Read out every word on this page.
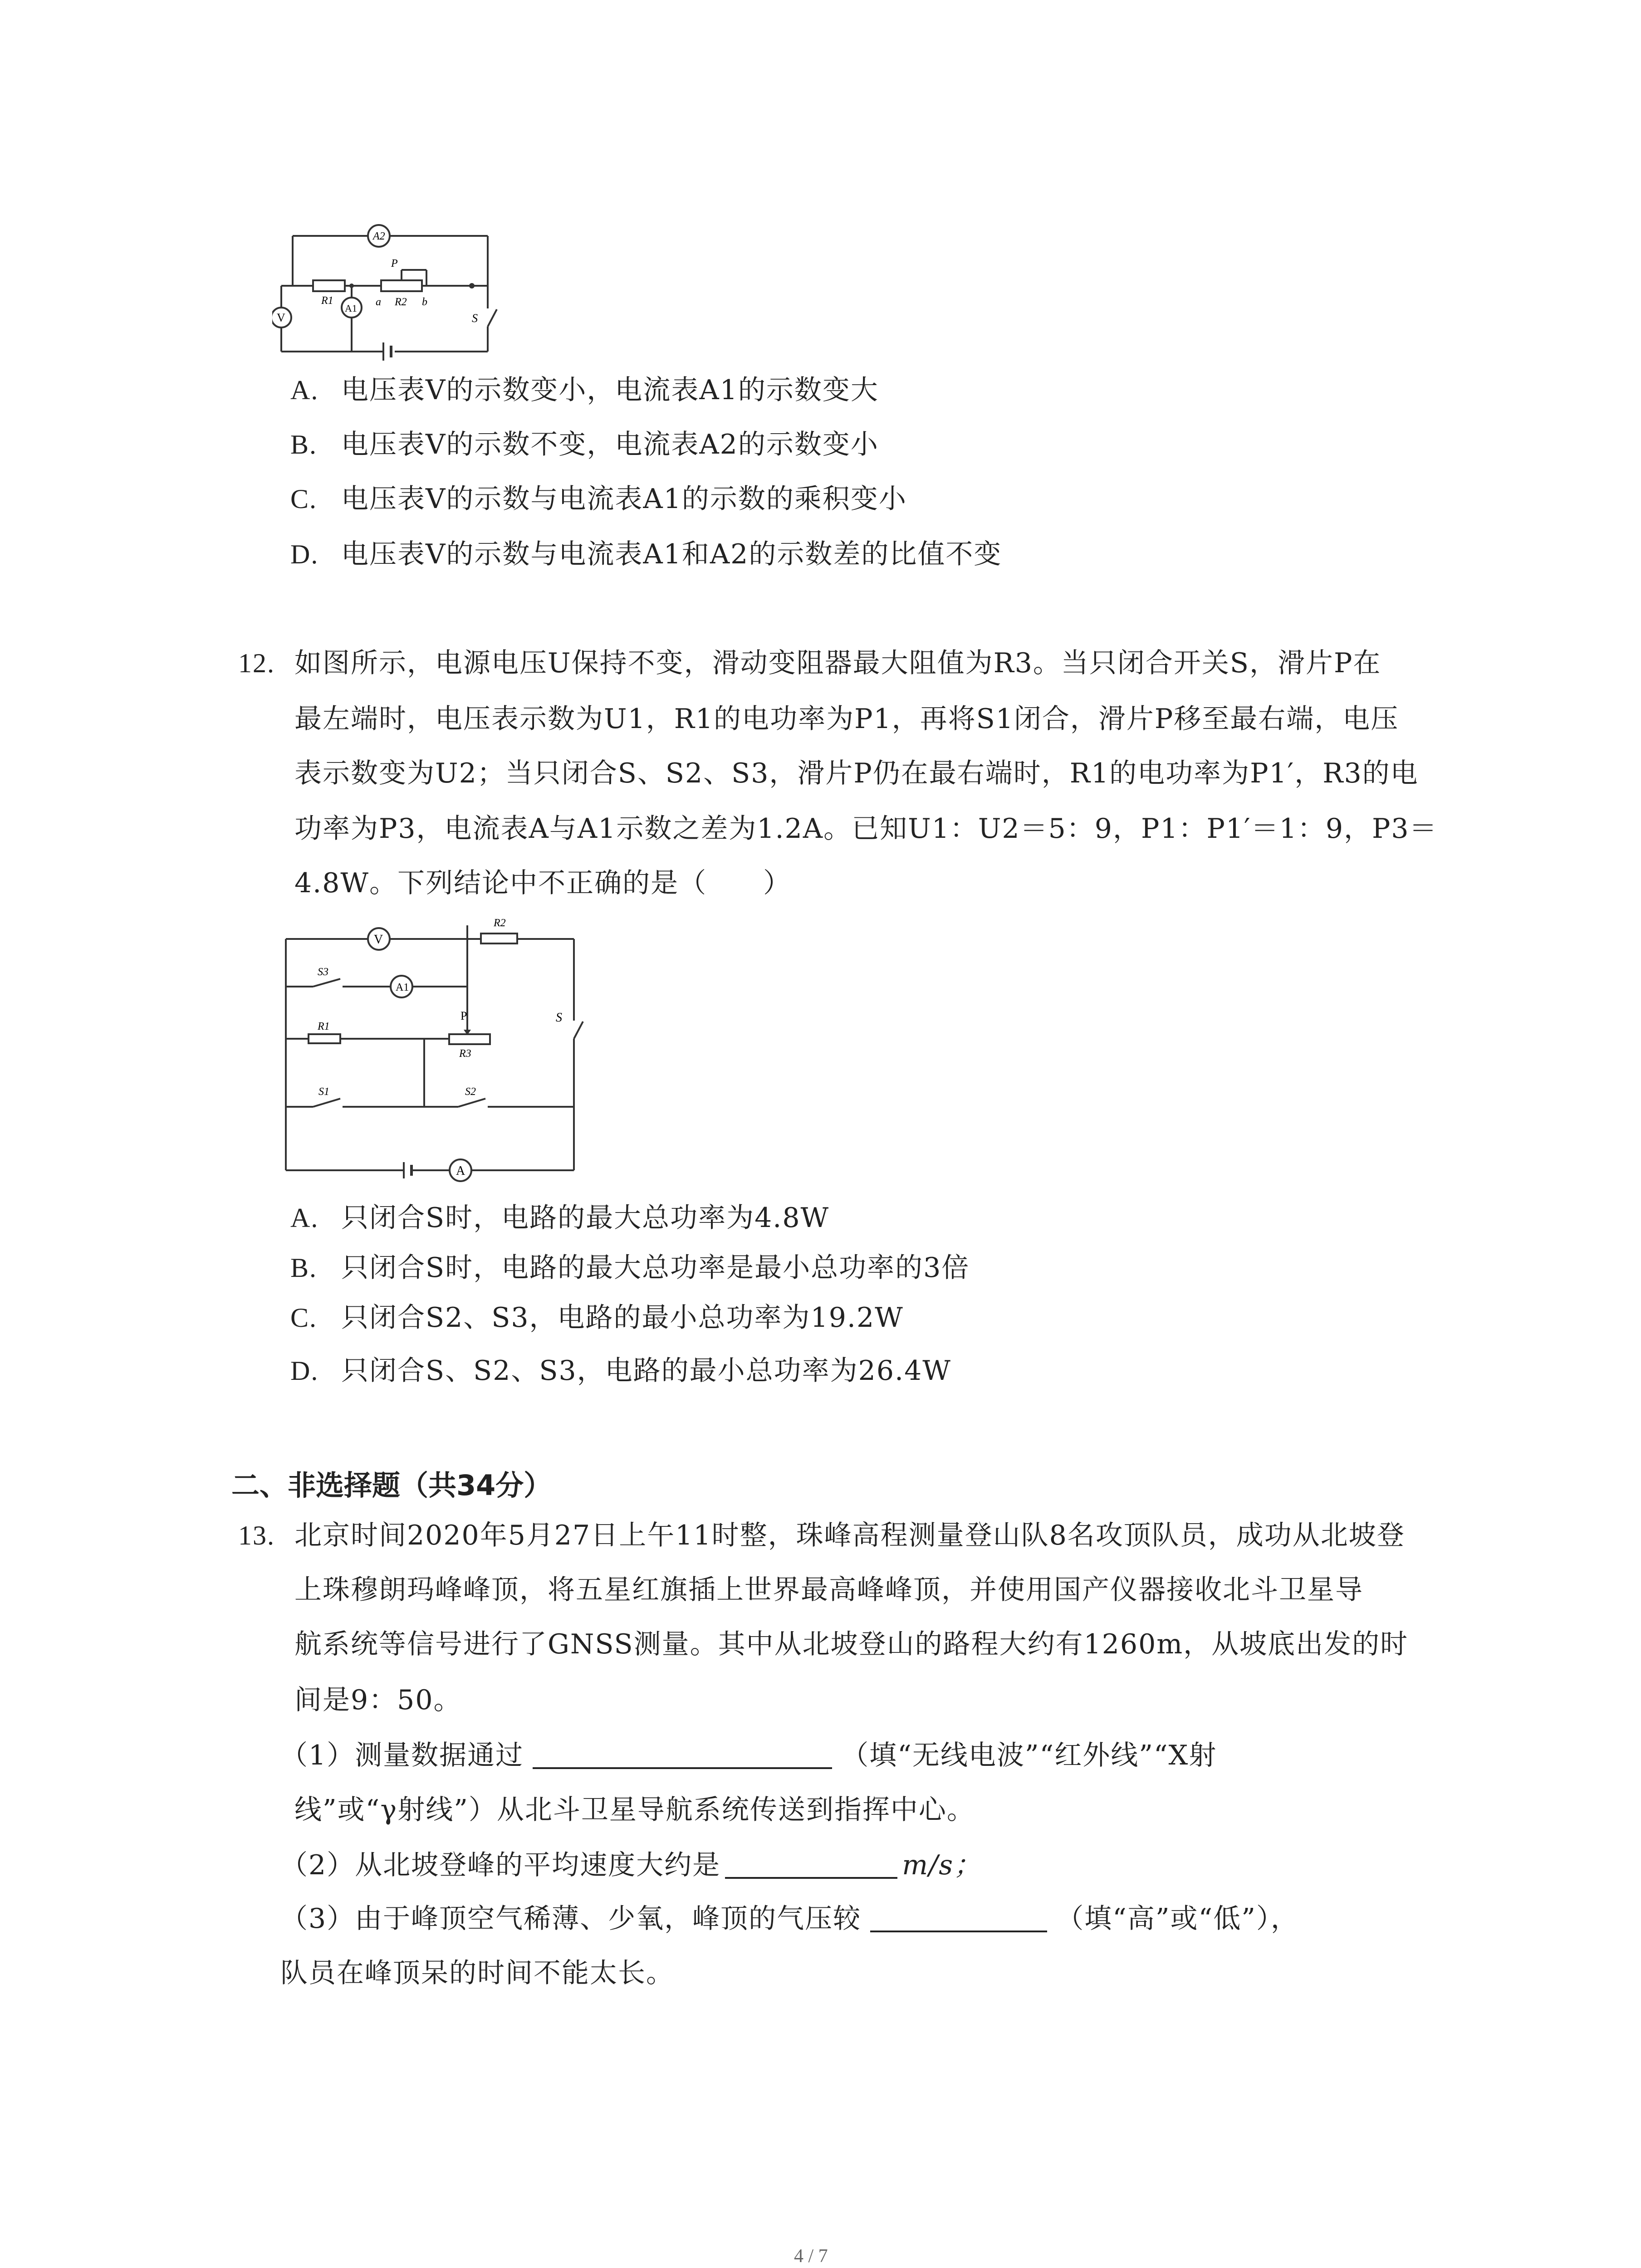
A2
R1
P
R2
a	b
V
A1
S
A. 电压表V的示数变小，电流表A1的示数变大
B. 电压表V的示数不变，电流表A2的示数变小
C. 电压表V的示数与电流表A1的示数的乘积变小
D. 电压表V的示数与电流表A1和A2的示数差的比值不变
12. 如图所示，电源电压U保持不变，滑动变阻器最大阻值为R3。当只闭合开关S，滑片P在
最左端时，电压表示数为U1，R1的电功率为P1，再将S1闭合，滑片P移至最右端，电压
表示数变为U2；当只闭合S、S2、S3，滑片P仍在最右端时，R1的电功率为P1′，R3的电
功率为P3，电流表A与A1示数之差为1.2A。已知U1：U2＝5：9，P1：P1′＝1：9，P3＝
4.8W。下列结论中不正确的是（　　）
V
R2
S3
A1
S
R1
P
R3
S1	S2
A
A. 只闭合S时，电路的最大总功率为4.8W
B. 只闭合S时，电路的最大总功率是最小总功率的3倍
C. 只闭合S2、S3，电路的最小总功率为19.2W
D. 只闭合S、S2、S3，电路的最小总功率为26.4W
二、非选择题（共34分）
13. 北京时间2020年5月27日上午11时整，珠峰高程测量登山队8名攻顶队员，成功从北坡登
上珠穆朗玛峰峰顶，将五星红旗插上世界最高峰峰顶，并使用国产仪器接收北斗卫星导
航系统等信号进行了GNSS测量。其中从北坡登山的路程大约有1260m，从坡底出发的时
间是9：50。
（1）测量数据通过	（填“无线电波”“红外线”“X射
线”或“γ射线”）从北斗卫星导航系统传送到指挥中心。
（2）从北坡登峰的平均速度大约是	m/s；
（3）由于峰顶空气稀薄、少氧，峰顶的气压较	（填“高”或“低”），
队员在峰顶呆的时间不能太长。
4 / 7
